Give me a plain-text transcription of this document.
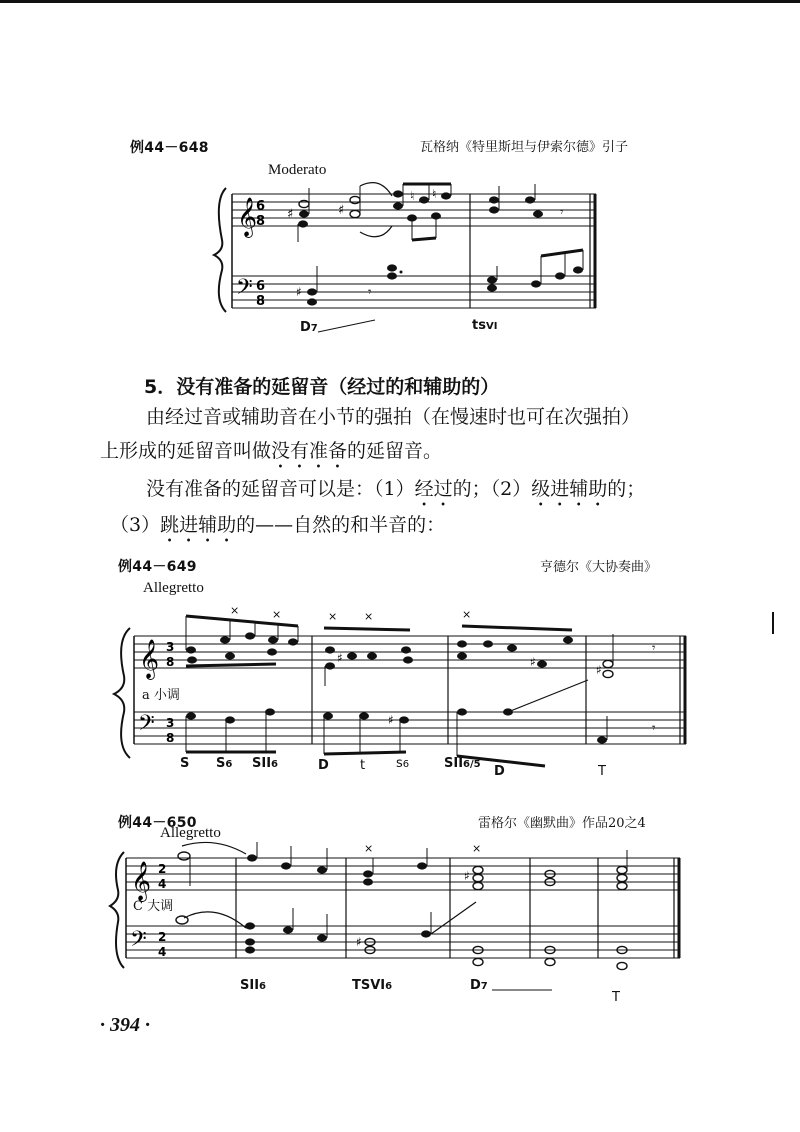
例44－648	瓦格纳《特里斯坦与伊索尔德》引子
Moderato
𝄞
𝄢
6
8
6
8
♯	♯
♮ ♮
𝄾
♯	𝄾
D7	tsVI
5．没有准备的延留音（经过的和辅助的）
由经过音或辅助音在小节的强拍（在慢速时也可在次强拍）
上形成的延留音叫做没有准备的延留音。
没有准备的延留音可以是：（1）经过的；（2）级进辅助的；
（3）跳进辅助的——自然的和半音的：
例44－649	亨德尔《大协奏曲》
Allegretto
a 小调
𝄞
𝄢
3
8
3
8
×	×
♯
× ×	×
♯
♯
𝄾
♯
𝄾
S S6 SII6	D t s6	SII6/5 D	T
例44－650	雷格尔《幽默曲》作品20之4
Allegretto
C 大调
𝄞
𝄢
2
4
2
4
×	×
♯
♯
SII6	TSVI6	D7
T
· 394 ·
